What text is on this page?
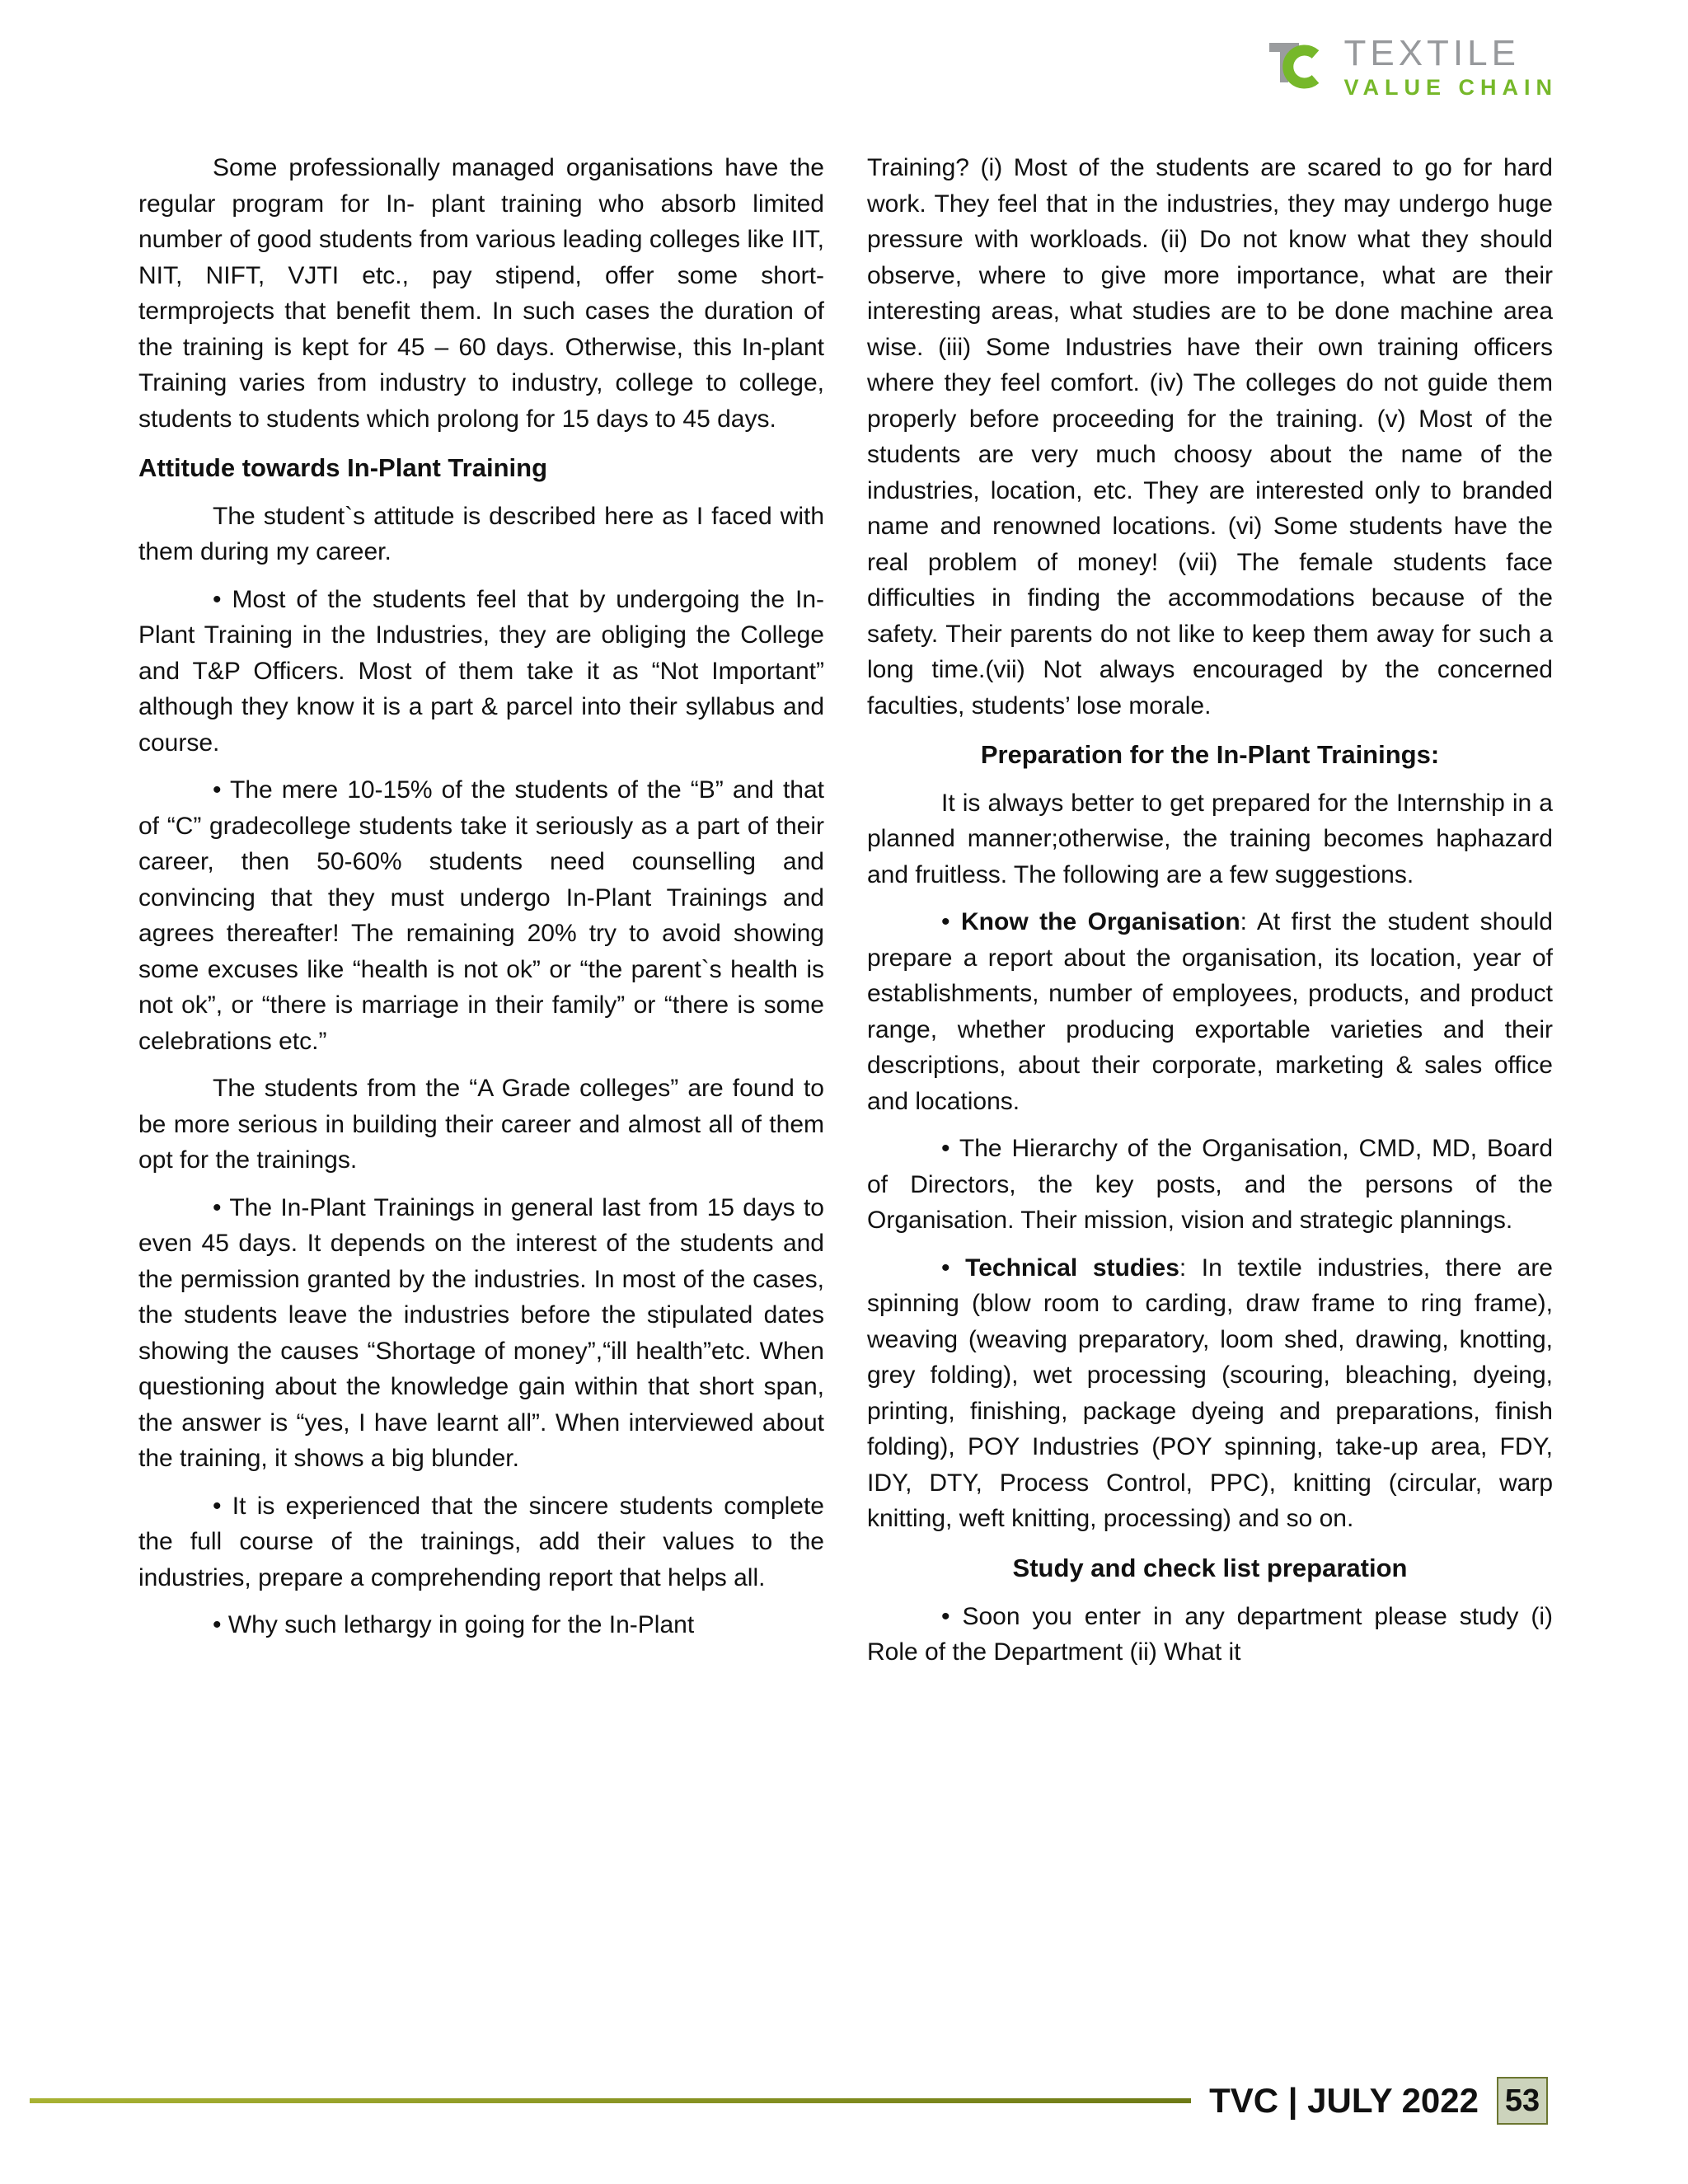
TEXTILE
VALUE CHAIN

Some professionally managed organisations have the regular program for In- plant training who absorb limited number of good students from various leading colleges like IIT, NIT, NIFT, VJTI etc., pay stipend, offer some short-termprojects that benefit them. In such cases the duration of the training is kept for 45 – 60 days. Otherwise, this In-plant Training varies from industry to industry, college to college, students to students which prolong for 15 days to 45 days.

Attitude towards In-Plant Training

The student`s attitude is described here as I faced with them during my career.

• Most of the students feel that by undergoing the In-Plant Training in the Industries, they are obliging the College and T&P Officers. Most of them take it as “Not Important” although they know it is a part & parcel into their syllabus and course.

• The mere 10-15% of the students of the “B” and that of “C” gradecollege students take it seriously as a part of their career, then 50-60% students need counselling and convincing that they must undergo In-Plant Trainings and agrees thereafter! The remaining 20% try to avoid showing some excuses like “health is not ok” or “the parent`s health is not ok”, or “there is marriage in their family” or “there is some celebrations etc.”

The students from the “A Grade colleges” are found to be more serious in building their career and almost all of them opt for the trainings.

• The In-Plant Trainings in general last from 15 days to even 45 days. It depends on the interest of the students and the permission granted by the industries. In most of the cases, the students leave the industries before the stipulated dates showing the causes “Shortage of money”,“ill health”etc. When questioning about the knowledge gain within that short span, the answer is “yes, I have learnt all”. When interviewed about the training, it shows a big blunder.

• It is experienced that the sincere students complete the full course of the trainings, add their values to the industries, prepare a comprehending report that helps all.

• Why such lethargy in going for the In-Plant

Training? (i) Most of the students are scared to go for hard work. They feel that in the industries, they may undergo huge pressure with workloads. (ii) Do not know what they should observe, where to give more importance, what are their interesting areas, what studies are to be done machine area wise. (iii) Some Industries have their own training officers where they feel comfort. (iv) The colleges do not guide them properly before proceeding for the training. (v) Most of the students are very much choosy about the name of the industries, location, etc. They are interested only to branded name and renowned locations. (vi) Some students have the real problem of money! (vii) The female students face difficulties in finding the accommodations because of the safety. Their parents do not like to keep them away for such a long time.(vii) Not always encouraged by the concerned faculties, students’ lose morale.

Preparation for the In-Plant Trainings:

It is always better to get prepared for the Internship in a planned manner;otherwise, the training becomes haphazard and fruitless. The following are a few suggestions.

• Know the Organisation: At first the student should prepare a report about the organisation, its location, year of establishments, number of employees, products, and product range, whether producing exportable varieties and their descriptions, about their corporate, marketing & sales office and locations.

• The Hierarchy of the Organisation, CMD, MD, Board of Directors, the key posts, and the persons of the Organisation. Their mission, vision and strategic plannings.

• Technical studies: In textile industries, there are spinning (blow room to carding, draw frame to ring frame), weaving (weaving preparatory, loom shed, drawing, knotting, grey folding), wet processing (scouring, bleaching, dyeing, printing, finishing, package dyeing and preparations, finish folding), POY Industries (POY spinning, take-up area, FDY, IDY, DTY, Process Control, PPC), knitting (circular, warp knitting, weft knitting, processing) and so on.

Study and check list preparation

• Soon you enter in any department please study (i) Role of the Department (ii) What it

TVC | JULY 2022 53
